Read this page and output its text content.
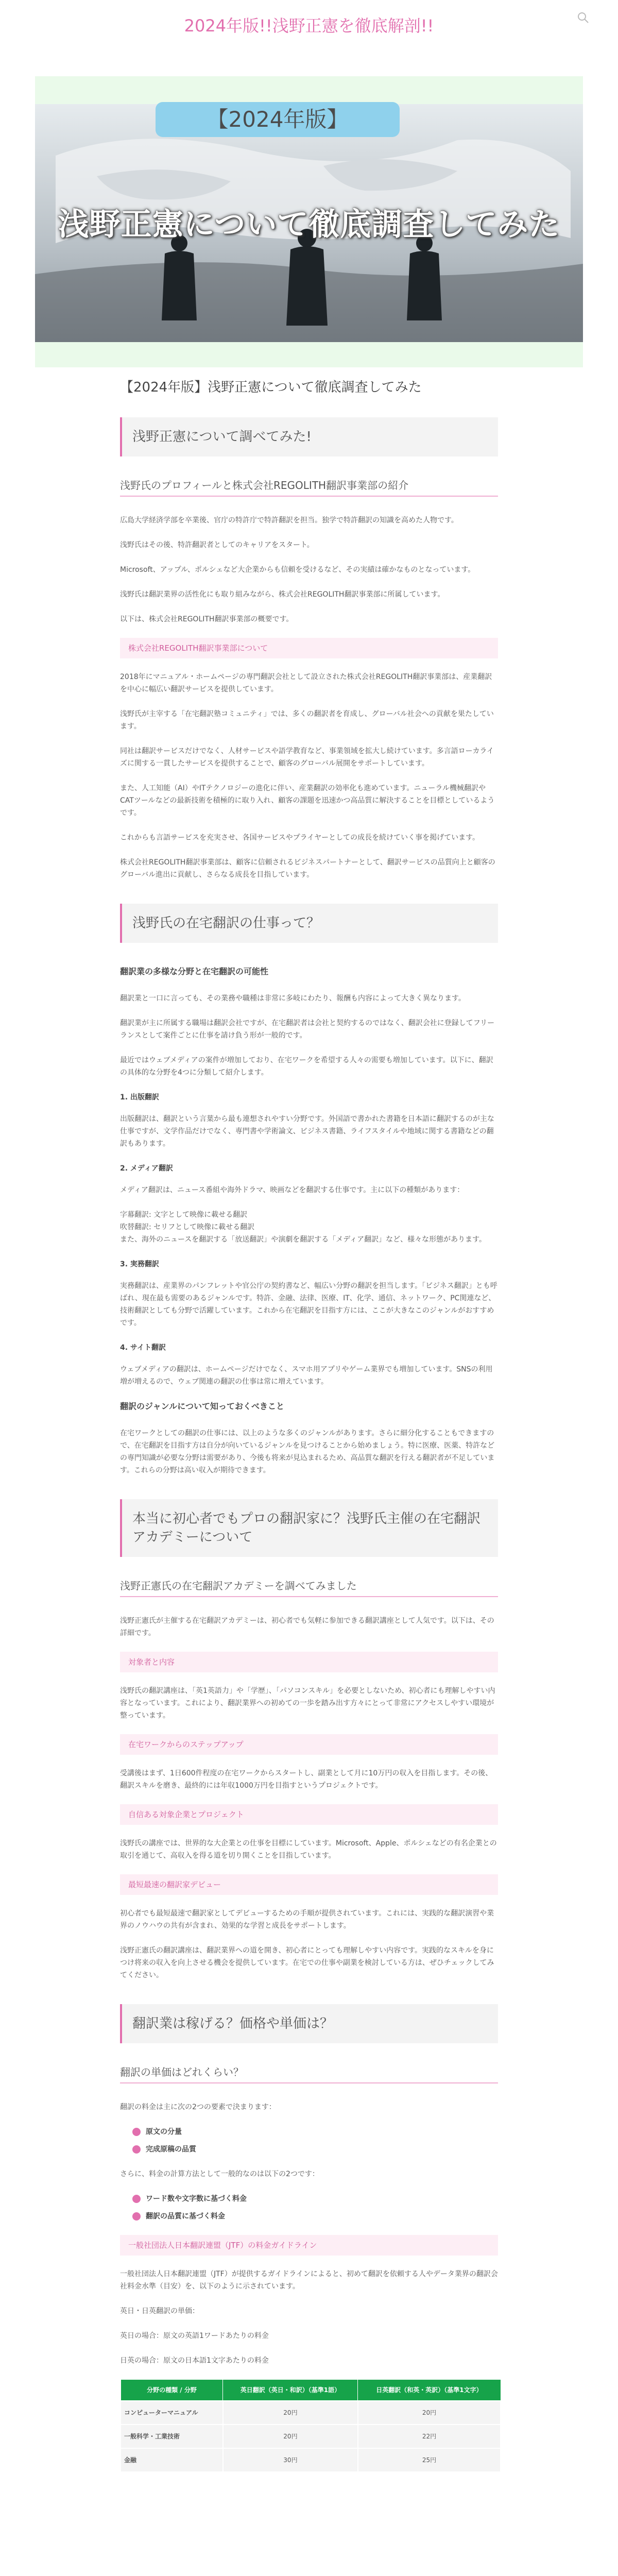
2024年版!!浅野正憲を徹底解剖!!
【2024年版】
浅野正憲について徹底調査してみた
【2024年版】浅野正憲について徹底調査してみた
浅野正憲について調べてみた!
浅野氏のプロフィールと株式会社REGOLITH翻訳事業部の紹介

広島大学経済学部を卒業後、官庁の特許庁で特許翻訳を担当。独学で特許翻訳の知識を高めた人物です。

浅野氏はその後、特許翻訳者としてのキャリアをスタート。

Microsoft、アップル、ポルシェなど大企業からも信頼を受けるなど、その実績は確かなものとなっています。

浅野氏は翻訳業界の活性化にも取り組みながら、株式会社REGOLITH翻訳事業部に所属しています。

以下は、株式会社REGOLITH翻訳事業部の概要です。

株式会社REGOLITH翻訳事業部について

2018年にマニュアル・ホームページの専門翻訳会社として設立された株式会社REGOLITH翻訳事業部は、産業翻訳を中心に幅広い翻訳サービスを提供しています。

浅野氏が主宰する「在宅翻訳塾コミュニティ」では、多くの翻訳者を育成し、グローバル社会への貢献を果たしています。

同社は翻訳サービスだけでなく、人材サービスや語学教育など、事業領域を拡大し続けています。多言語ローカライズに関する一貫したサービスを提供することで、顧客のグローバル展開をサポートしています。

また、人工知能（AI）やITテクノロジーの進化に伴い、産業翻訳の効率化も進めています。ニューラル機械翻訳やCATツールなどの最新技術を積極的に取り入れ、顧客の課題を迅速かつ高品質に解決することを目標としているようです。

これからも言語サービスを充実させ、各国サービスやプライヤーとしての成長を続けていく事を掲げています。

株式会社REGOLITH翻訳事業部は、顧客に信頼されるビジネスパートナーとして、翻訳サービスの品質向上と顧客のグローバル進出に貢献し、さらなる成長を目指しています。

浅野氏の在宅翻訳の仕事って？
翻訳業の多様な分野と在宅翻訳の可能性

翻訳業と一口に言っても、その業務や職種は非常に多岐にわたり、報酬も内容によって大きく異なります。

翻訳業が主に所属する職場は翻訳会社ですが、在宅翻訳者は会社と契約するのではなく、翻訳会社に登録してフリーランスとして案件ごとに仕事を請け負う形が一般的です。

最近ではウェブメディアの案件が増加しており、在宅ワークを希望する人々の需要も増加しています。以下に、翻訳の具体的な分野を4つに分類して紹介します。

1. 出版翻訳

出版翻訳は、翻訳という言葉から最も連想されやすい分野です。外国語で書かれた書籍を日本語に翻訳するのが主な仕事ですが、文学作品だけでなく、専門書や学術論文、ビジネス書籍、ライフスタイルや地域に関する書籍などの翻訳もあります。

2. メディア翻訳

メディア翻訳は、ニュース番組や海外ドラマ、映画などを翻訳する仕事です。主に以下の種類があります：

字幕翻訳: 文字として映像に載せる翻訳

吹替翻訳: セリフとして映像に載せる翻訳

また、海外のニュースを翻訳する「放送翻訳」や演劇を翻訳する「メディア翻訳」など、様々な形態があります。

3. 実務翻訳

実務翻訳は、産業界のパンフレットや官公庁の契約書など、幅広い分野の翻訳を担当します。「ビジネス翻訳」とも呼ばれ、現在最も需要のあるジャンルです。特許、金融、法律、医療、IT、化学、通信、ネットワーク、PC関連など、技術翻訳としても分野で活躍しています。これから在宅翻訳を目指す方には、ここが大きなこのジャンルがおすすめです。

4. サイト翻訳

ウェブメディアの翻訳は、ホームページだけでなく、スマホ用アプリやゲーム業界でも増加しています。SNSの利用増が増えるので、ウェブ関連の翻訳の仕事は常に増えています。

翻訳のジャンルについて知っておくべきこと

在宅ワークとしての翻訳の仕事には、以上のような多くのジャンルがあります。さらに細分化することもできますので、在宅翻訳を目指す方は自分が向いているジャンルを見つけることから始めましょう。特に医療、医薬、特許などの専門知識が必要な分野は需要があり、今後も将来が見込まれるため、高品質な翻訳を行える翻訳者が不足しています。これらの分野は高い収入が期待できます。

本当に初心者でもプロの翻訳家に？浅野氏主催の在宅翻訳アカデミーについて
浅野正憲氏の在宅翻訳アカデミーを調べてみました

浅野正憲氏が主催する在宅翻訳アカデミーは、初心者でも気軽に参加できる翻訳講座として人気です。以下は、その詳細です。

対象者と内容

浅野氏の翻訳講座は、「英1英語力」や「学歴」、「パソコンスキル」を必要としないため、初心者にも理解しやすい内容となっています。これにより、翻訳業界への初めての一歩を踏み出す方々にとって非常にアクセスしやすい環境が整っています。

在宅ワークからのステップアップ

受講後はまず、1日600件程度の在宅ワークからスタートし、副業として月に10万円の収入を目指します。その後、翻訳スキルを磨き、最終的には年収1000万円を目指すというプロジェクトです。

自信ある対象企業とプロジェクト

浅野氏の講座では、世界的な大企業との仕事を目標にしています。Microsoft、Apple、ポルシェなどの有名企業との取引を通じて、高収入を得る道を切り開くことを目指しています。

最短最速の翻訳家デビュー

初心者でも最短最速で翻訳家としてデビューするための手順が提供されています。これには、実践的な翻訳演習や業界のノウハウの共有が含まれ、効果的な学習と成長をサポートします。

浅野正憲氏の翻訳講座は、翻訳業界への道を開き、初心者にとっても理解しやすい内容です。実践的なスキルを身につけ将来の収入を向上させる機会を提供しています。在宅での仕事や副業を検討している方は、ぜひチェックしてみてください。

翻訳業は稼げる？価格や単価は？
翻訳の単価はどれくらい？

翻訳の料金は主に次の2つの要素で決まります：

原文の分量
完成原稿の品質

さらに、料金の計算方法として一般的なのは以下の2つです：

ワード数や文字数に基づく料金
翻訳の品質に基づく料金
一般社団法人日本翻訳連盟（JTF）の料金ガイドライン

一般社団法人日本翻訳連盟（JTF）が提供するガイドラインによると、初めて翻訳を依頼する人やデータ業界の翻訳会社料金水準（目安）を、以下のように示されています。

英日・日英翻訳の単価：

英日の場合：原文の英語1ワードあたりの料金

日英の場合：原文の日本語1文字あたりの料金

分野の種類 / 分野	英日翻訳（英日・和訳）（基準1語）	日英翻訳（和英・英訳）（基準1文字）
コンピューターマニュアル	20円	20円
一般科学・工業技術	20円	22円
金融	30円	25円
